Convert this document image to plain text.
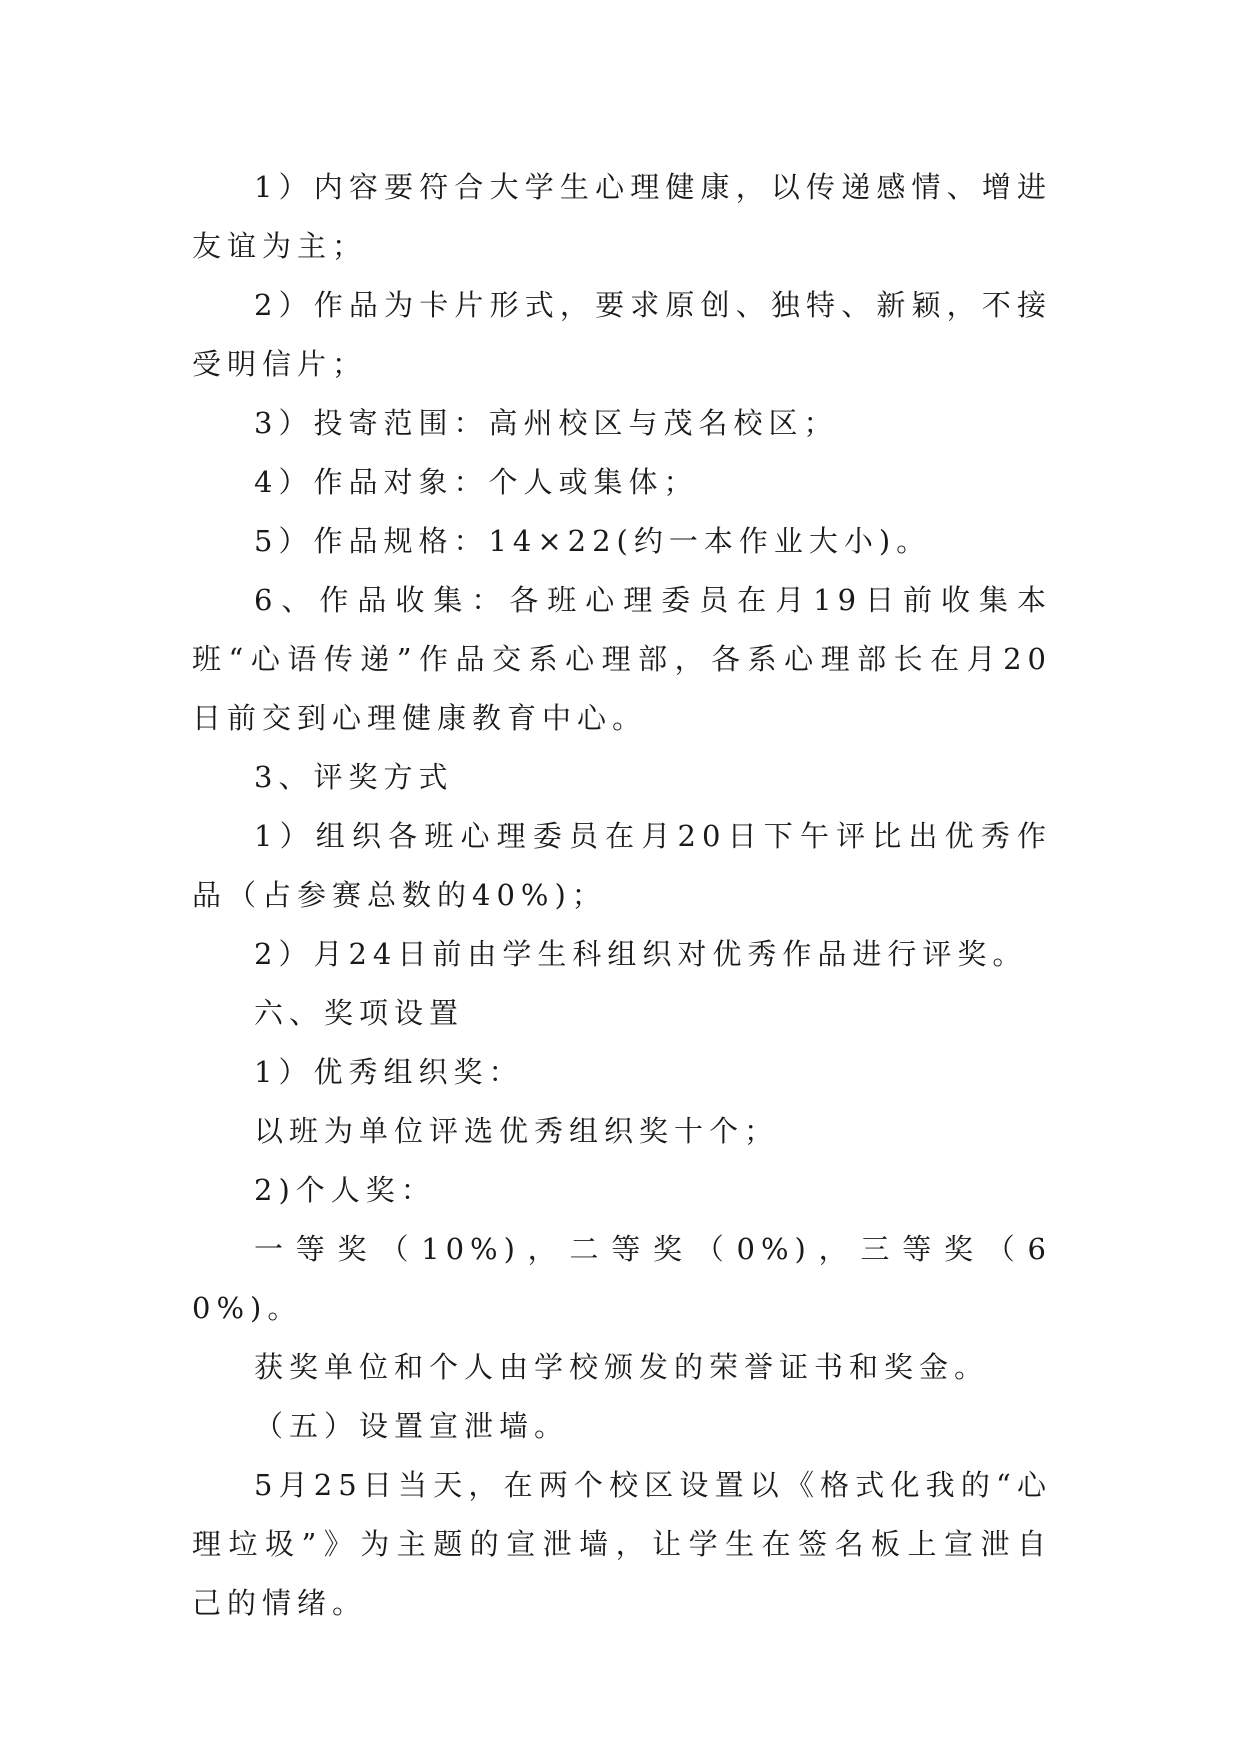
1）内容要符合大学生心理健康，以传递感情、增进友谊为主；

2）作品为卡片形式，要求原创、独特、新颖，不接受明信片；

3）投寄范围：高州校区与茂名校区；

4）作品对象：个人或集体；

5）作品规格：14×22(约一本作业大小)。

6、作品收集：各班心理委员在月19日前收集本班“心语传递”作品交系心理部，各系心理部长在月20日前交到心理健康教育中心。

3、评奖方式

1）组织各班心理委员在月20日下午评比出优秀作品（占参赛总数的40%)；

2）月24日前由学生科组织对优秀作品进行评奖。

六、奖项设置

1）优秀组织奖：

以班为单位评选优秀组织奖十个；

2)个人奖：

一等奖（10%)，二等奖（0%)，三等奖（60%)。

获奖单位和个人由学校颁发的荣誉证书和奖金。

（五）设置宣泄墙。

5月25日当天，在两个校区设置以《格式化我的“心理垃圾”》为主题的宣泄墙，让学生在签名板上宣泄自己的情绪。
